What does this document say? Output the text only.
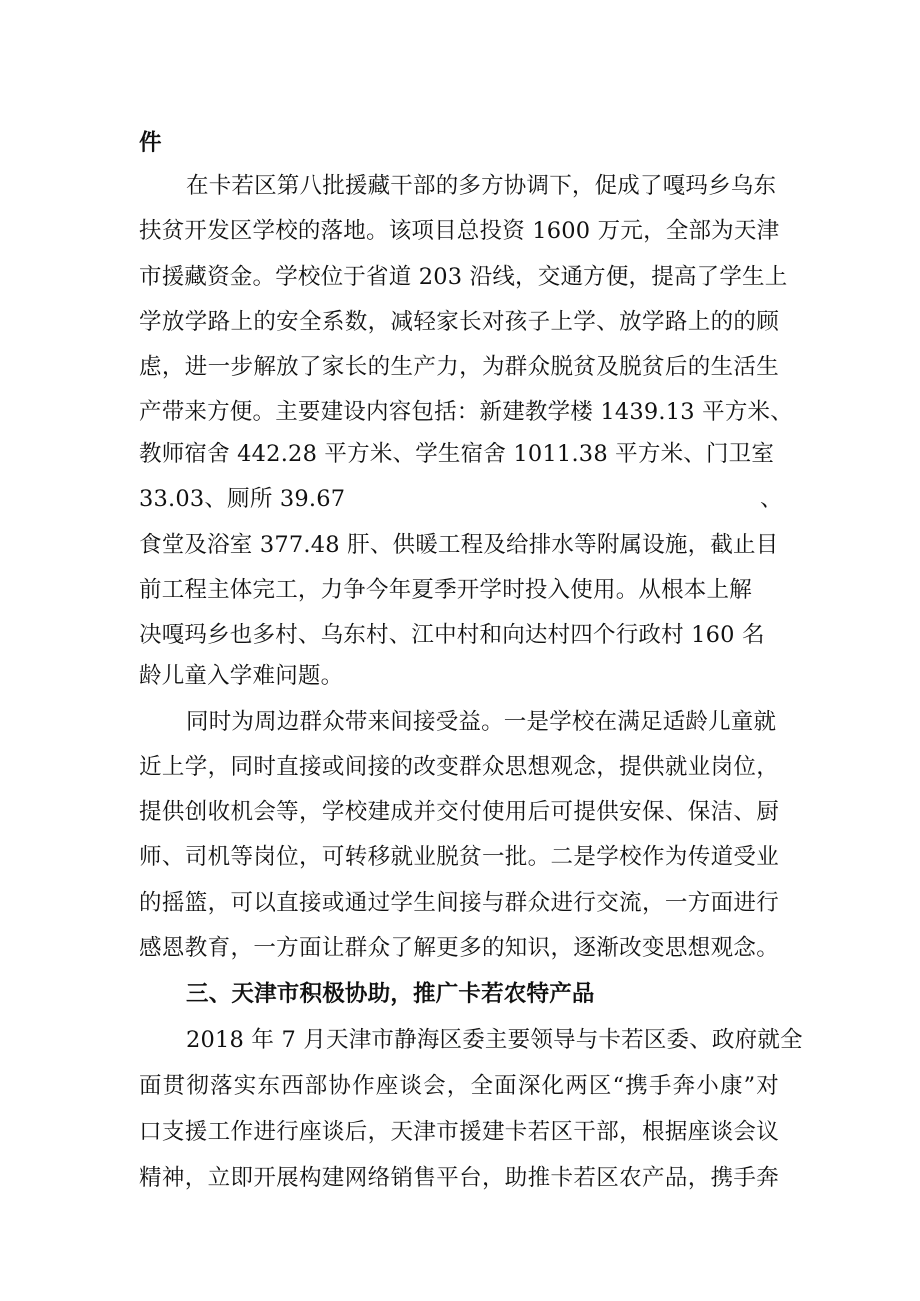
件
在卡若区第八批援藏干部的多方协调下，促成了嘎玛乡乌东
扶贫开发区学校的落地。该项目总投资 1600 万元，全部为天津
市援藏资金。学校位于省道 203 沿线，交通方便，提高了学生上
学放学路上的安全系数，减轻家长对孩子上学、放学路上的的顾
虑，进一步解放了家长的生产力，为群众脱贫及脱贫后的生活生
产带来方便。主要建设内容包括：新建教学楼 1439.13 平方米、
教师宿舍 442.28 平方米、学生宿舍 1011.38 平方米、门卫室
33.03、厕所 39.67	、
食堂及浴室 377.48 肝、供暖工程及给排水等附属设施，截止目
前工程主体完工，力争今年夏季开学时投入使用。从根本上解
决嘎玛乡也多村、乌东村、江中村和向达村四个行政村 160 名
龄儿童入学难问题。
同时为周边群众带来间接受益。一是学校在满足适龄儿童就
近上学，同时直接或间接的改变群众思想观念，提供就业岗位，
提供创收机会等，学校建成并交付使用后可提供安保、保洁、厨
师、司机等岗位，可转移就业脱贫一批。二是学校作为传道受业
的摇篮，可以直接或通过学生间接与群众进行交流，一方面进行
感恩教育，一方面让群众了解更多的知识，逐渐改变思想观念。
三、天津市积极协助，推广卡若农特产品
2018 年 7 月天津市静海区委主要领导与卡若区委、政府就全
面贯彻落实东西部协作座谈会，全面深化两区“携手奔小康”对
口支援工作进行座谈后，天津市援建卡若区干部，根据座谈会议
精神，立即开展构建网络销售平台，助推卡若区农产品，携手奔
